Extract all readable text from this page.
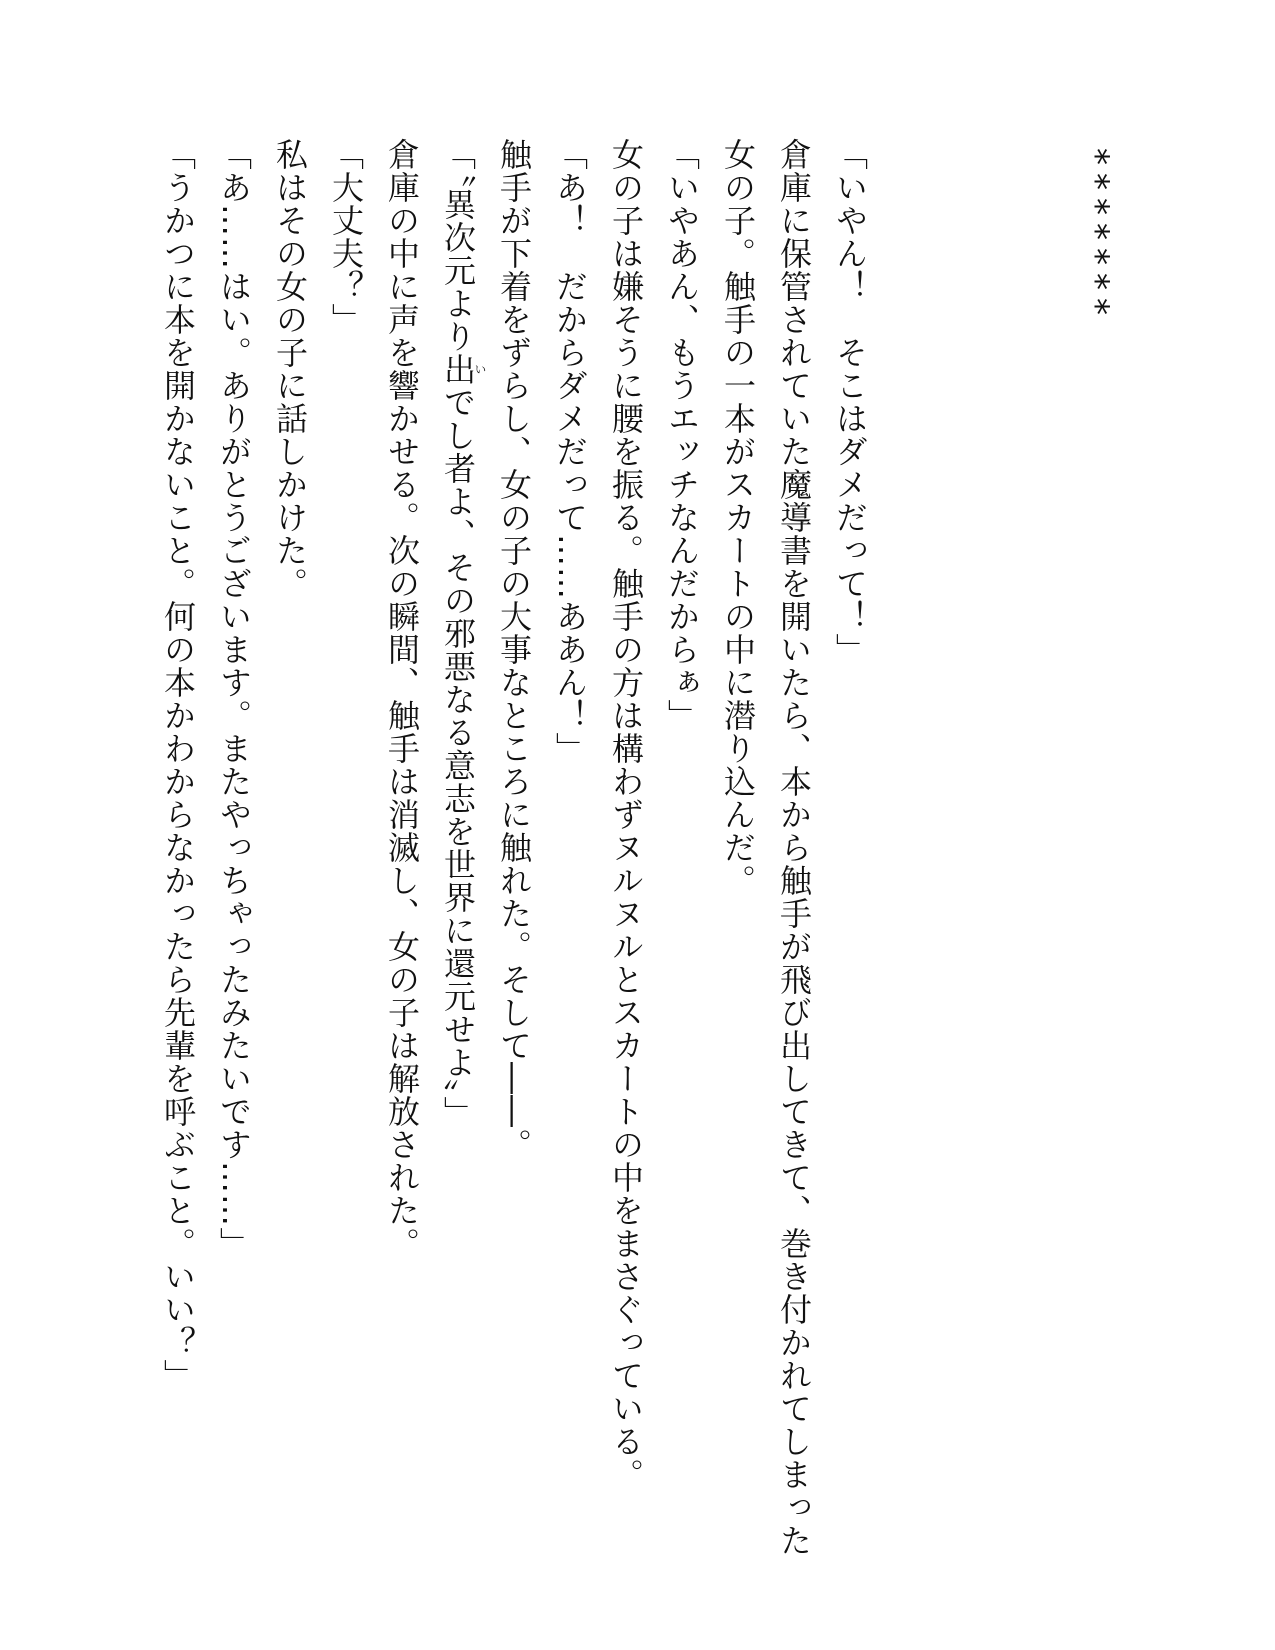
*******
「いやん！　そこはダメだって！」
倉庫に保管されていた魔導書を開いたら、本から触手が飛び出してきて、巻き付かれてしまった
女の子。触手の一本がスカートの中に潜り込んだ。
「いやあん、もうエッチなんだからぁ」
女の子は嫌そうに腰を振る。触手の方は構わずヌルヌルとスカートの中をまさぐっている。
「あ！　だからダメだって……ああん！」
触手が下着をずらし、女の子の大事なところに触れた。そして――。
「〝異次元より出いでし者よ、その邪悪なる意志を世界に還元せよ〟」
倉庫の中に声を響かせる。次の瞬間、触手は消滅し、女の子は解放された。
「大丈夫？」
私はその女の子に話しかけた。
「あ……はい。ありがとうございます。またやっちゃったみたいです……」
「うかつに本を開かないこと。何の本かわからなかったら先輩を呼ぶこと。いい？」
